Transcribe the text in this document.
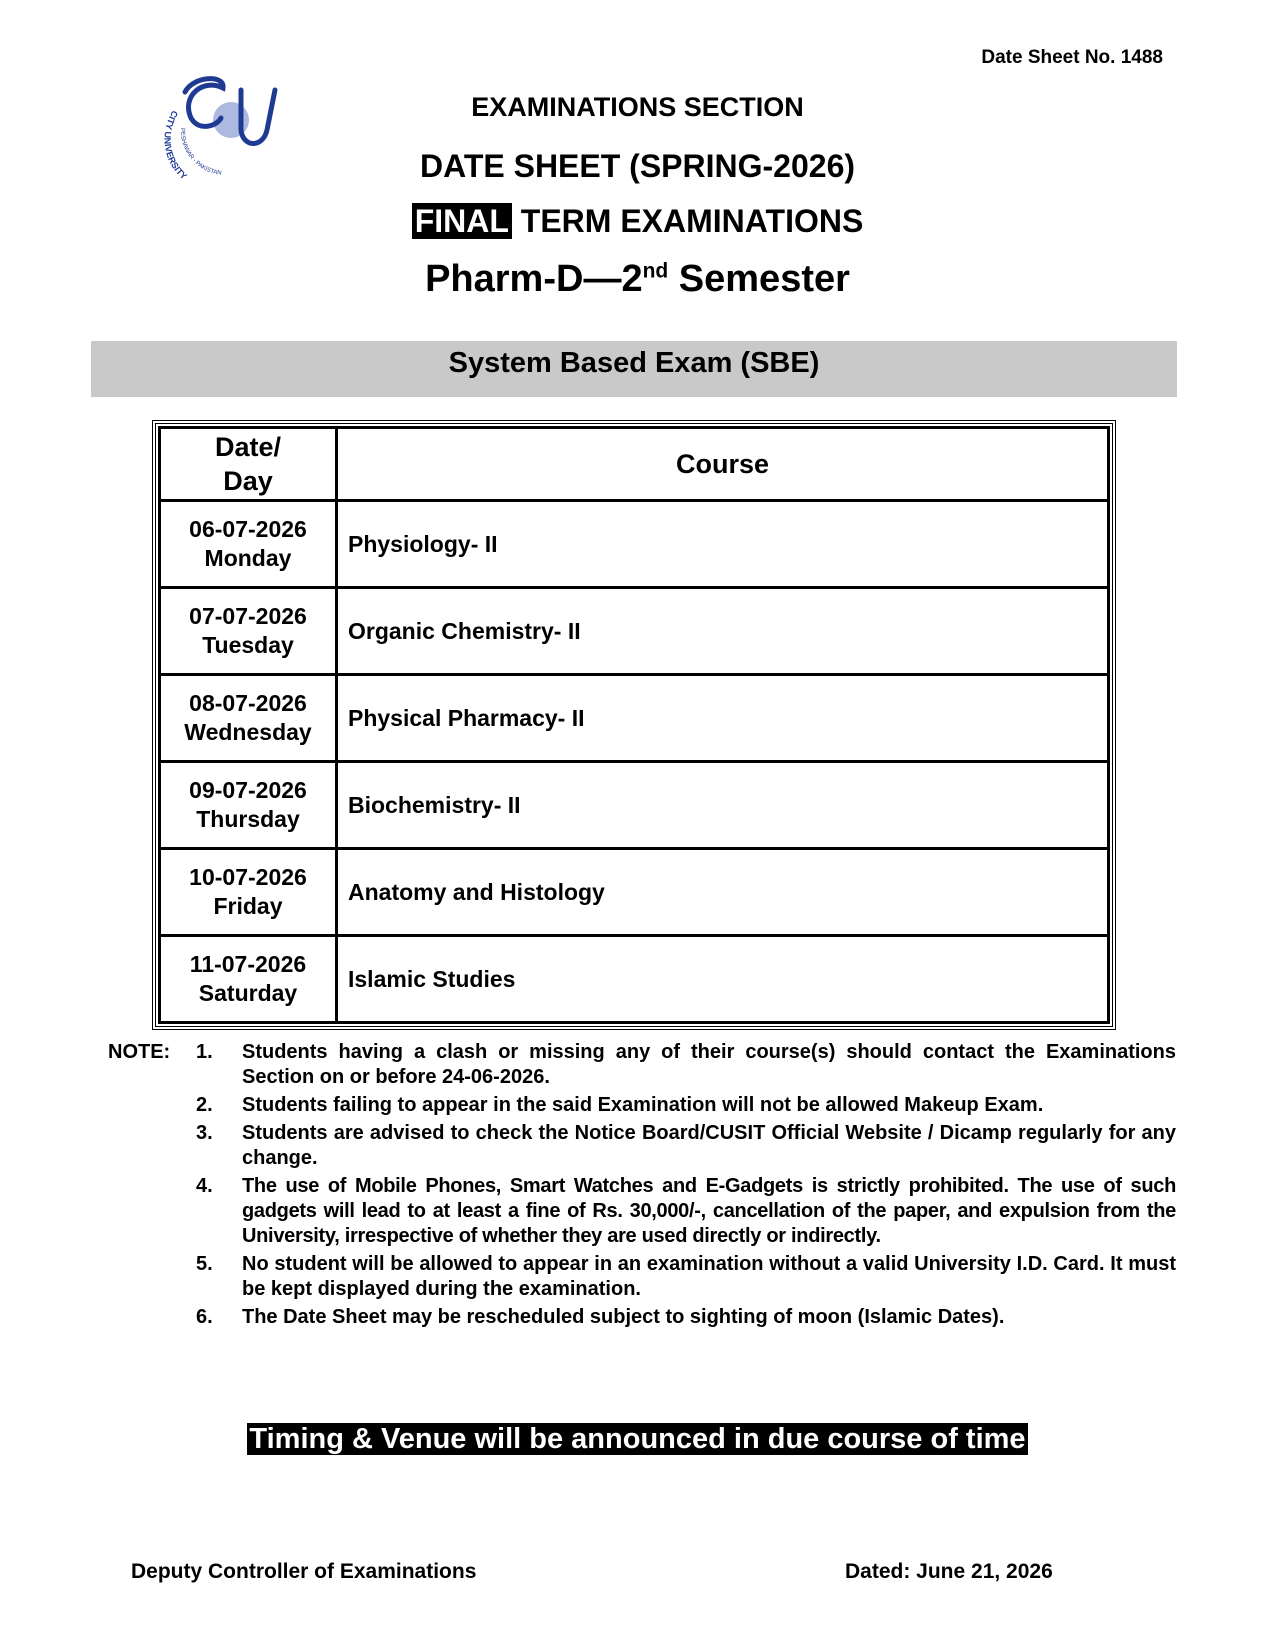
Date Sheet No. 1488
CITY UNIVERSITY
PESHAWAR - PAKISTAN
EXAMINATIONS SECTION
DATE SHEET (SPRING-2026)
FINAL TERM EXAMINATIONS
Pharm-D—2nd Semester
System Based Exam (SBE)
Date/
Day	Course

06-07-2026
Monday	Physiology- II

07-07-2026
Tuesday	Organic Chemistry- II

08-07-2026
Wednesday	Physical Pharmacy- II

09-07-2026
Thursday	Biochemistry- II

10-07-2026
Friday	Anatomy and Histology

11-07-2026
Saturday	Islamic Studies
NOTE:	1.	Students having a clash or missing any of their course(s) should contact the Examinations Section on or before 24-06-2026.
2.	Students failing to appear in the said Examination will not be allowed Makeup Exam.
3.	Students are advised to check the Notice Board/CUSIT Official Website / Dicamp regularly for any change.
4.	The use of Mobile Phones, Smart Watches and E-Gadgets is strictly prohibited. The use of such gadgets will lead to at least a fine of Rs. 30,000/-, cancellation of the paper, and expulsion from the University, irrespective of whether they are used directly or indirectly.
5.	No student will be allowed to appear in an examination without a valid University I.D. Card. It must be kept displayed during the examination.
6.	The Date Sheet may be rescheduled subject to sighting of moon (Islamic Dates).
Timing & Venue will be announced in due course of time
Deputy Controller of Examinations	Dated: June 21, 2026
